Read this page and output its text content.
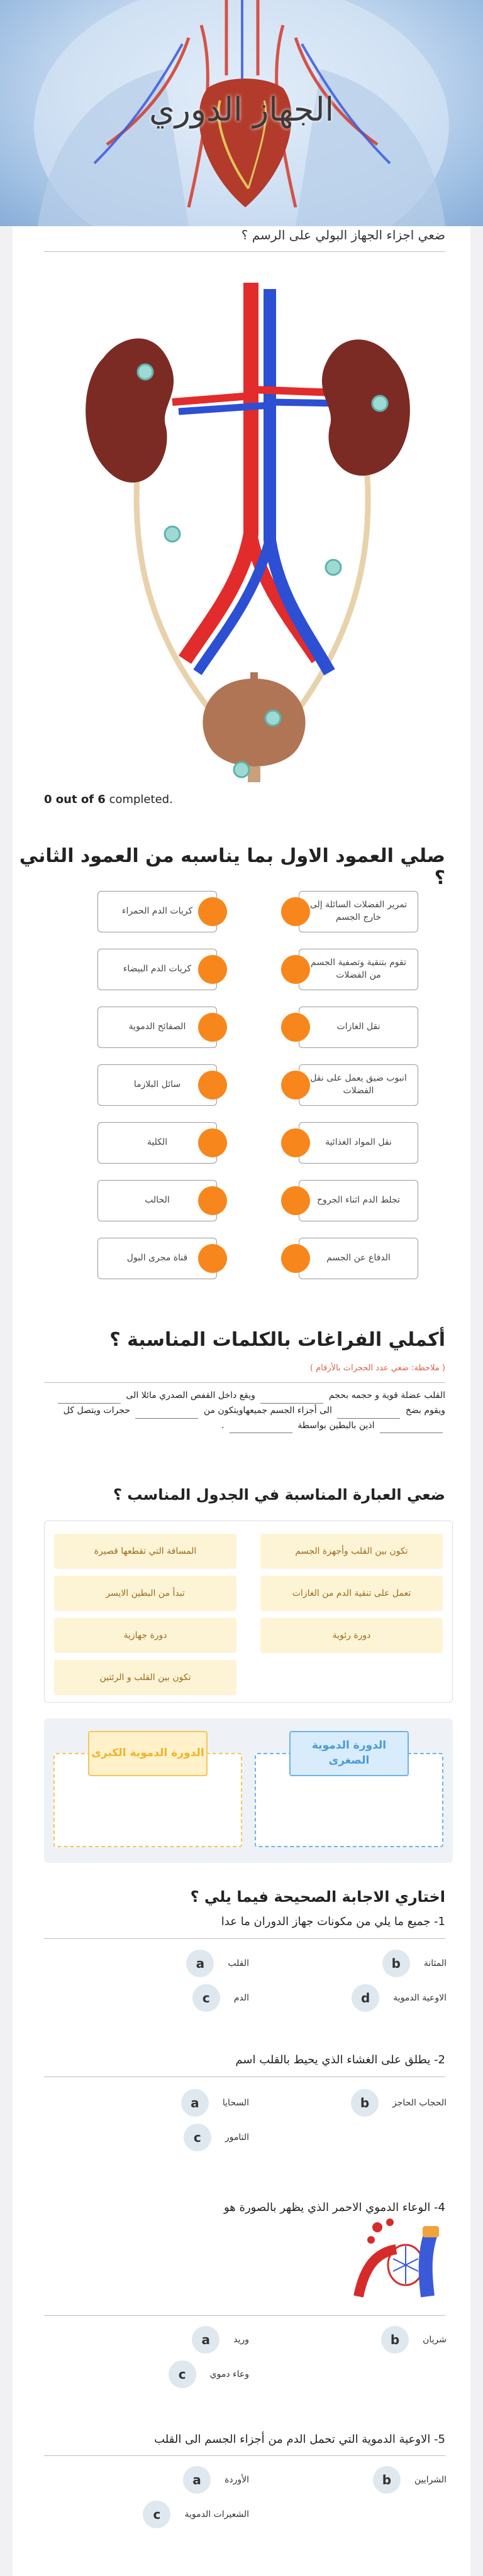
الجهاز الدوري
ضعي اجزاء الجهاز البولي على الرسم ؟
0 out of 6 completed.
صلي العمود الاول بما يناسبه من العمود الثاني ؟
تمرير الفضلات السائلة إلى خارج الجسم
تقوم بتنقية وتصفية الجسم من الفضلات
نقل الغازات
انبوب ضيق يعمل على نقل الفضلات
نقل المواد الغذائية
تجلط الدم اثناء الجروح
الدفاع عن الجسم
كريات الدم الحمراء
كريات الدم البيضاء
الصفائح الدموية
سائل البلازما
الكلية
الحالب
قناة مجرى البول
أكملي الفراغات بالكلمات المناسبة ؟
( ملاحظة: ضعي عدد الحجرات بالأرقام )
القلب عضلة قوية و حجمه بحجم  ويقع داخل القفص الصدري مائلا الى
ويقوم بضخ  الى أجزاء الجسم جميعهاويتكون من  حجرات ويتصل كل
اذين بالبطين بواسطة  .
ضعي العبارة المناسبة في الجدول المناسب ؟
تكون بين القلب وأجهزة الجسم
المسافة التي تقطعها قصيرة
تعمل على تنقية الدم من الغازات
تبدأ من البطين الايسر
دورة رئوية
دورة جهازية
تكون بين القلب و الرئتين
الدورة الدموية الصغرى
الدورة الدموية الكبرى
اختاري الاجابة الصحيحة فيما يلي ؟
1- جميع ما يلي من مكونات جهاز الدوران ما عدا
a	القلب	b	المثانة
c	الدم	d	الاوعية الدموية
2- يطلق على الغشاء الذي يحيط بالقلب اسم
a	السحايا	b	الحجاب الحاجز
c	التامور
4- الوعاء الدموي الاحمر الذي يظهر بالصورة هو
a	وريد	b	شريان
c	وعاء دموي
5- الاوعية الدموية التي تحمل الدم من أجزاء الجسم الى القلب
a	الأوردة	b	الشرايين
c	الشعيرات الدموية
